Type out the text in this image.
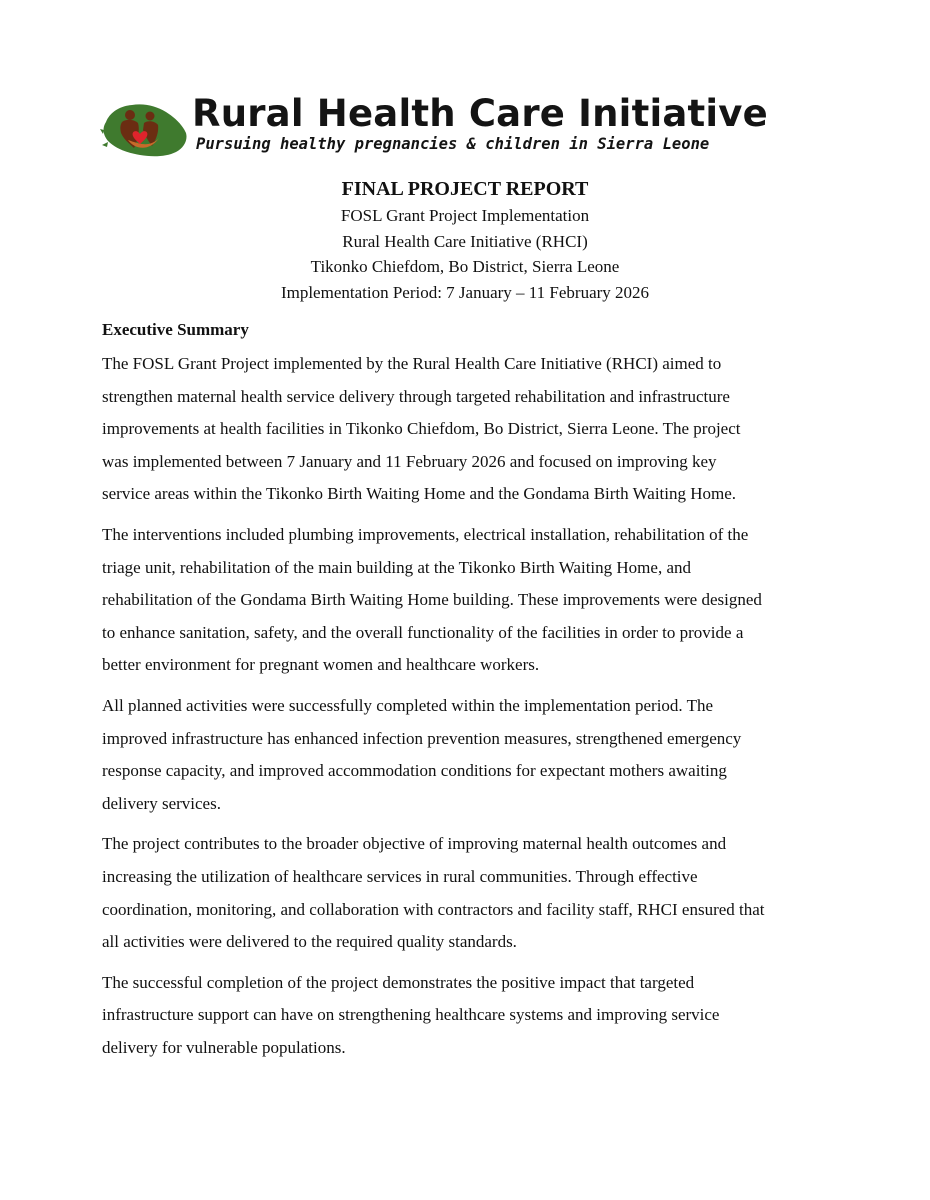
Rural Health Care Initiative
Pursuing healthy pregnancies & children in Sierra Leone
FINAL PROJECT REPORT
FOSL Grant Project Implementation
Rural Health Care Initiative (RHCI)
Tikonko Chiefdom, Bo District, Sierra Leone
Implementation Period: 7 January – 11 February 2026
Executive Summary

The FOSL Grant Project implemented by the Rural Health Care Initiative (RHCI) aimed to
strengthen maternal health service delivery through targeted rehabilitation and infrastructure
improvements at health facilities in Tikonko Chiefdom, Bo District, Sierra Leone. The project
was implemented between 7 January and 11 February 2026 and focused on improving key
service areas within the Tikonko Birth Waiting Home and the Gondama Birth Waiting Home.

The interventions included plumbing improvements, electrical installation, rehabilitation of the
triage unit, rehabilitation of the main building at the Tikonko Birth Waiting Home, and
rehabilitation of the Gondama Birth Waiting Home building. These improvements were designed
to enhance sanitation, safety, and the overall functionality of the facilities in order to provide a
better environment for pregnant women and healthcare workers.

All planned activities were successfully completed within the implementation period. The
improved infrastructure has enhanced infection prevention measures, strengthened emergency
response capacity, and improved accommodation conditions for expectant mothers awaiting
delivery services.

The project contributes to the broader objective of improving maternal health outcomes and
increasing the utilization of healthcare services in rural communities. Through effective
coordination, monitoring, and collaboration with contractors and facility staff, RHCI ensured that
all activities were delivered to the required quality standards.

The successful completion of the project demonstrates the positive impact that targeted
infrastructure support can have on strengthening healthcare systems and improving service
delivery for vulnerable populations.
